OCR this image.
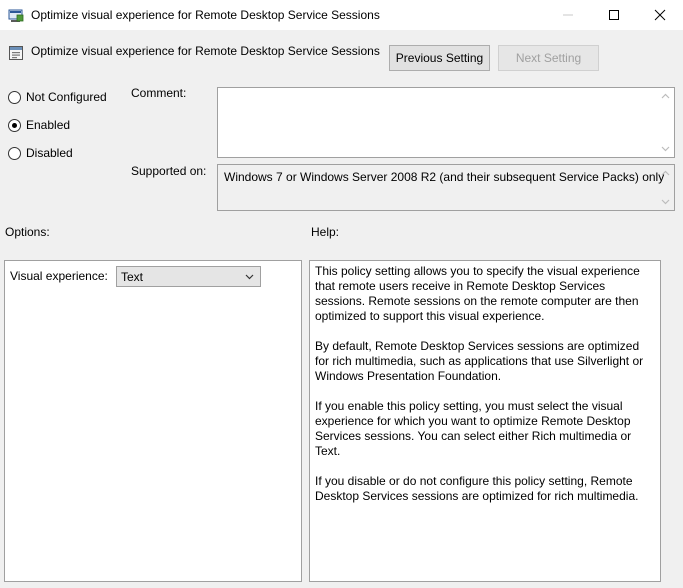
Optimize visual experience for Remote Desktop Service Sessions
Optimize visual experience for Remote Desktop Service Sessions	Previous Setting	Next Setting
Not Configured
Enabled
Disabled
Comment:
Supported on: Windows 7 or Windows Server 2008 R2 (and their subsequent Service Packs) only
Options:	Help:
Visual experience: Text	This policy setting allows you to specify the visual experience that remote users receive in Remote Desktop Services sessions. Remote sessions on the remote computer are then optimized to support this visual experience.

By default, Remote Desktop Services sessions are optimized for rich multimedia, such as applications that use Silverlight or Windows Presentation Foundation.

If you enable this policy setting, you must select the visual experience for which you want to optimize Remote Desktop Services sessions. You can select either Rich multimedia or Text.

If you disable or do not configure this policy setting, Remote Desktop Services sessions are optimized for rich multimedia.
